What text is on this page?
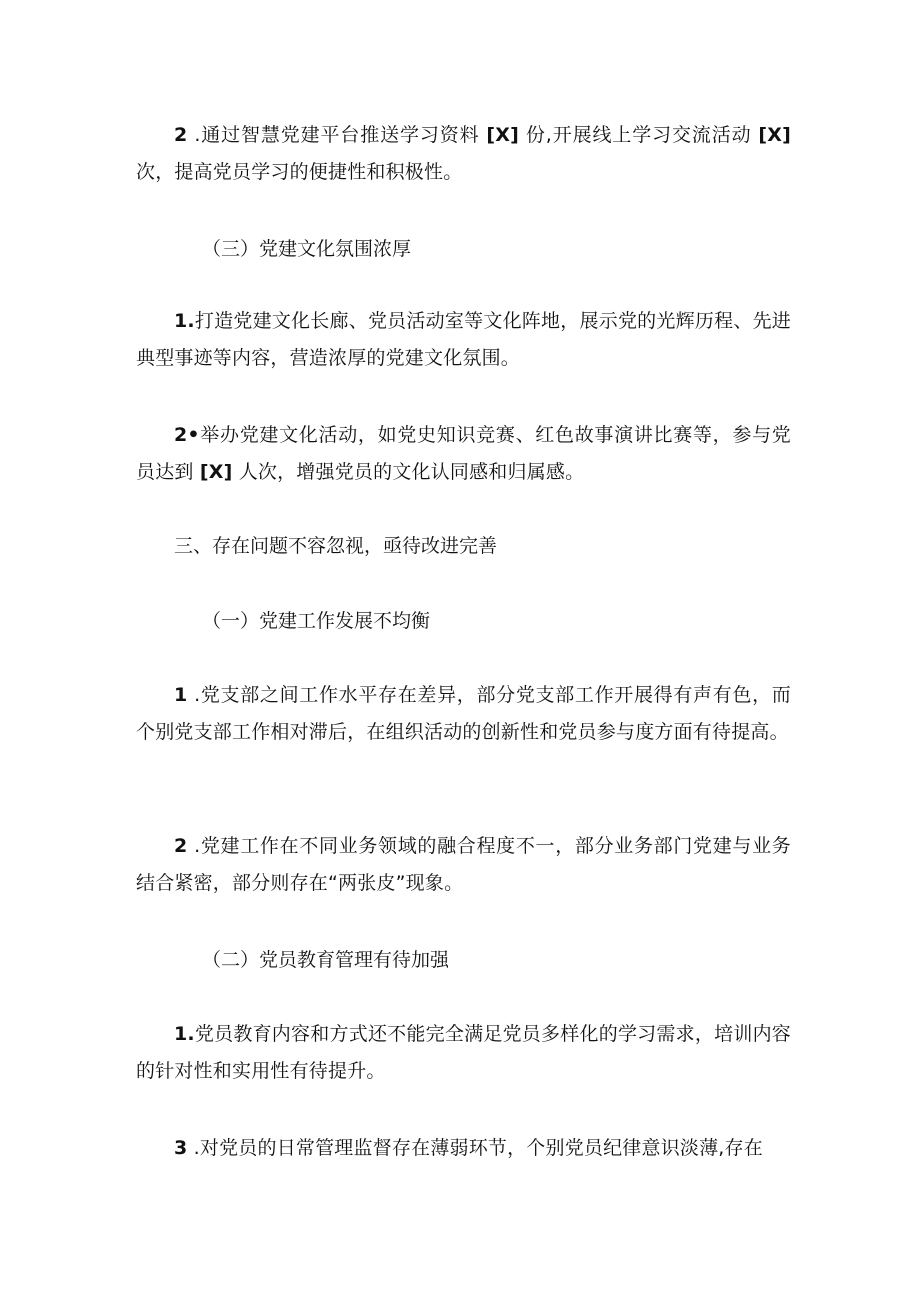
2 .通过智慧党建平台推送学习资料 [X] 份,开展线上学习交流活动 [X] 次，提高党员学习的便捷性和积极性。

（三）党建文化氛围浓厚

1.打造党建文化长廊、党员活动室等文化阵地，展示党的光辉历程、先进典型事迹等内容，营造浓厚的党建文化氛围。

2•举办党建文化活动，如党史知识竞赛、红色故事演讲比赛等，参与党员达到 [X] 人次，增强党员的文化认同感和归属感。

三、存在问题不容忽视，亟待改进完善

（一）党建工作发展不均衡

1 .党支部之间工作水平存在差异，部分党支部工作开展得有声有色，而个别党支部工作相对滞后，在组织活动的创新性和党员参与度方面有待提高。

2 .党建工作在不同业务领域的融合程度不一，部分业务部门党建与业务结合紧密，部分则存在“两张皮”现象。

（二）党员教育管理有待加强

1.党员教育内容和方式还不能完全满足党员多样化的学习需求，培训内容的针对性和实用性有待提升。

3 .对党员的日常管理监督存在薄弱环节，个别党员纪律意识淡薄,存在
